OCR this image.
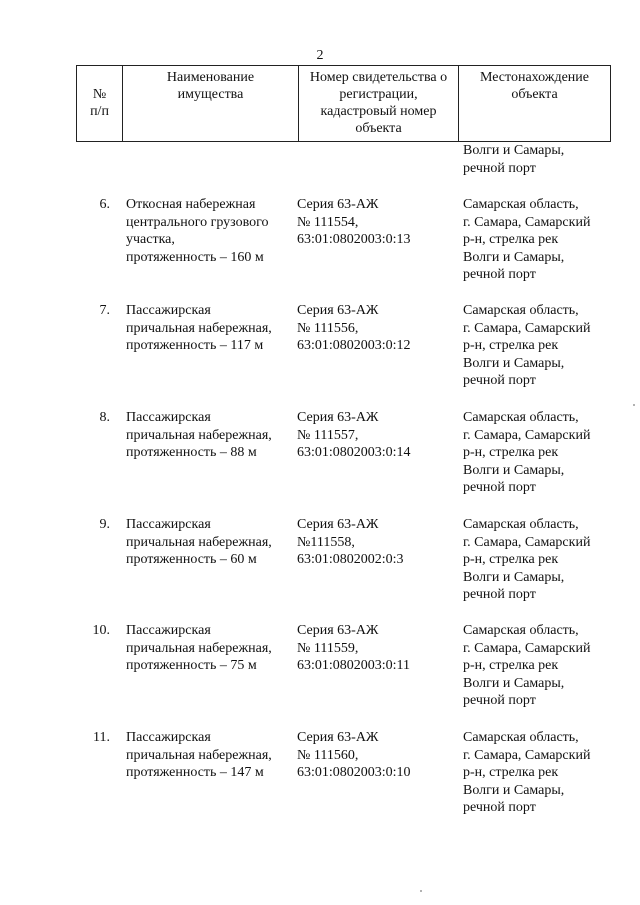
2
№
п/п
Наименование
имущества
Номер свидетельства о
регистрации,
кадастровый номер
объекта
Местонахождение
объекта
Волги и Самары,
речной порт
6. Откосная набережная
центрального грузового
участка,
протяженность – 160 м
Серия 63-АЖ
№ 111554,
63:01:0802003:0:13
Самарская область,
г. Самара, Самарский
р-н, стрелка рек
Волги и Самары,
речной порт
7. Пассажирская
причальная набережная,
протяженность – 117 м
Серия 63-АЖ
№ 111556,
63:01:0802003:0:12
Самарская область,
г. Самара, Самарский
р-н, стрелка рек
Волги и Самары,
речной порт
8. Пассажирская
причальная набережная,
протяженность – 88 м
Серия 63-АЖ
№ 111557,
63:01:0802003:0:14
Самарская область,
г. Самара, Самарский
р-н, стрелка рек
Волги и Самары,
речной порт
9. Пассажирская
причальная набережная,
протяженность – 60 м
Серия 63-АЖ
№111558,
63:01:0802002:0:3
Самарская область,
г. Самара, Самарский
р-н, стрелка рек
Волги и Самары,
речной порт
10. Пассажирская
причальная набережная,
протяженность – 75 м
Серия 63-АЖ
№ 111559,
63:01:0802003:0:11
Самарская область,
г. Самара, Самарский
р-н, стрелка рек
Волги и Самары,
речной порт
11. Пассажирская
причальная набережная,
протяженность – 147 м
Серия 63-АЖ
№ 111560,
63:01:0802003:0:10
Самарская область,
г. Самара, Самарский
р-н, стрелка рек
Волги и Самары,
речной порт
